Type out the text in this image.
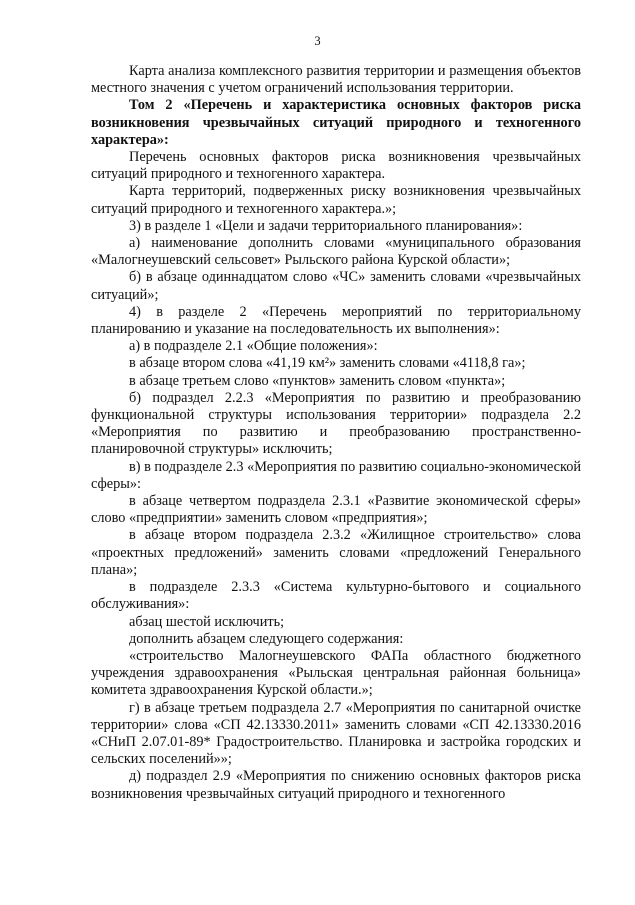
3

Карта анализа комплексного развития территории и размещения объектов местного значения с учетом ограничений использования территории.

Том 2 «Перечень и характеристика основных факторов риска возникновения чрезвычайных ситуаций природного и техногенного характера»:

Перечень основных факторов риска возникновения чрезвычайных ситуаций природного и техногенного характера.

Карта территорий, подверженных риску возникновения чрезвычайных ситуаций природного и техногенного характера.»;

3) в разделе 1 «Цели и задачи территориального планирования»:

а) наименование дополнить словами «муниципального образования «Малогнеушевский сельсовет» Рыльского района Курской области»;

б) в абзаце одиннадцатом слово «ЧС» заменить словами «чрезвычайных ситуаций»;

4) в разделе 2 «Перечень мероприятий по территориальному планированию и указание на последовательность их выполнения»:

а) в подразделе 2.1 «Общие положения»:

в абзаце втором слова «41,19 км²» заменить словами «4118,8 га»;

в абзаце третьем слово «пунктов» заменить словом «пункта»;

б) подраздел 2.2.3 «Мероприятия по развитию и преобразованию функциональной структуры использования территории» подраздела 2.2 «Мероприятия по развитию и преобразованию пространственно-планировочной структуры» исключить;

в) в подразделе 2.3 «Мероприятия по развитию социально-экономической сферы»:

в абзаце четвертом подраздела 2.3.1 «Развитие экономической сферы» слово «предприятии» заменить словом «предприятия»;

в абзаце втором подраздела 2.3.2 «Жилищное строительство» слова «проектных предложений» заменить словами «предложений Генерального плана»;

в подразделе 2.3.3 «Система культурно-бытового и социального обслуживания»:

абзац шестой исключить;

дополнить абзацем следующего содержания:

«строительство Малогнеушевского ФАПа областного бюджетного учреждения здравоохранения «Рыльская центральная районная больница» комитета здравоохранения Курской области.»;

г) в абзаце третьем подраздела 2.7 «Мероприятия по санитарной очистке территории» слова «СП 42.13330.2011» заменить словами «СП 42.13330.2016 «СНиП 2.07.01-89* Градостроительство. Планировка и застройка городских и сельских поселений»»;

д) подраздел 2.9 «Мероприятия по снижению основных факторов риска возникновения чрезвычайных ситуаций природного и техногенного
